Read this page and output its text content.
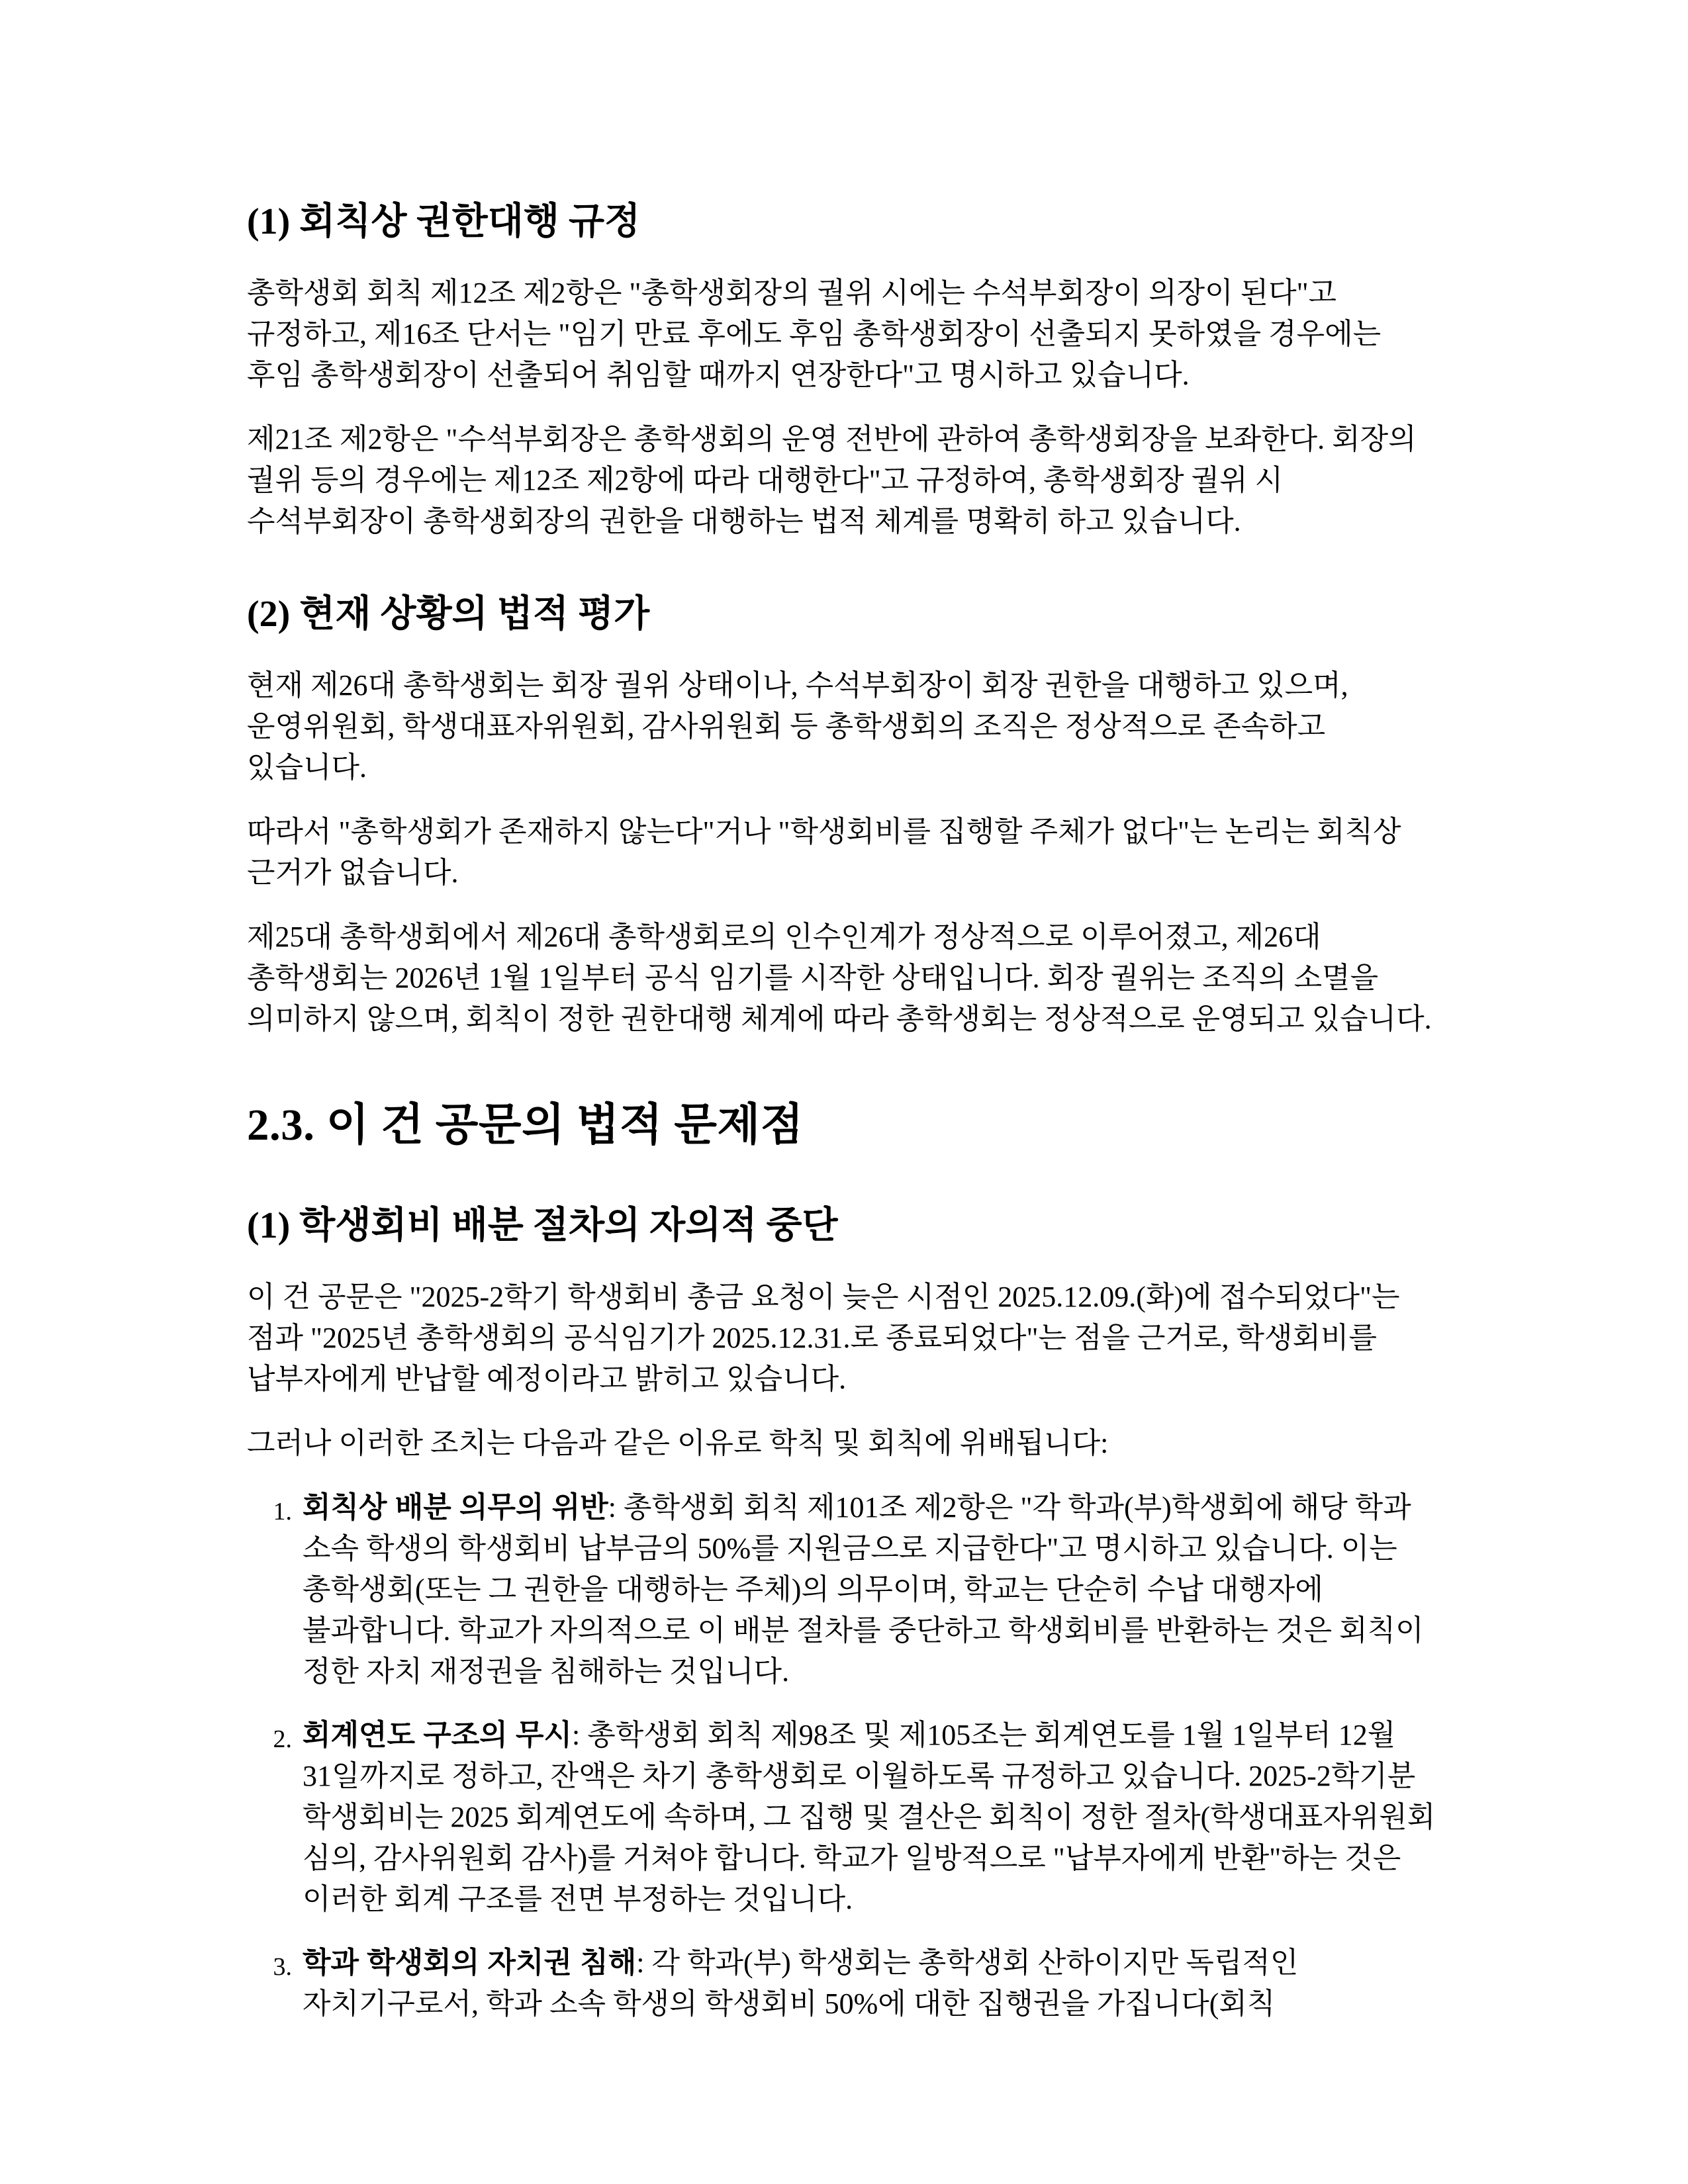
(1) 회칙상 권한대행 규정

총학생회 회칙 제12조 제2항은 "총학생회장의 궐위 시에는 수석부회장이 의장이 된다"고 규정하고, 제16조 단서는 "임기 만료 후에도 후임 총학생회장이 선출되지 못하였을 경우에는 후임 총학생회장이 선출되어 취임할 때까지 연장한다"고 명시하고 있습니다.

제21조 제2항은 "수석부회장은 총학생회의 운영 전반에 관하여 총학생회장을 보좌한다. 회장의 궐위 등의 경우에는 제12조 제2항에 따라 대행한다"고 규정하여, 총학생회장 궐위 시 수석부회장이 총학생회장의 권한을 대행하는 법적 체계를 명확히 하고 있습니다.

(2) 현재 상황의 법적 평가

현재 제26대 총학생회는 회장 궐위 상태이나, 수석부회장이 회장 권한을 대행하고 있으며, 운영위원회, 학생대표자위원회, 감사위원회 등 총학생회의 조직은 정상적으로 존속하고 있습니다.

따라서 "총학생회가 존재하지 않는다"거나 "학생회비를 집행할 주체가 없다"는 논리는 회칙상 근거가 없습니다.

제25대 총학생회에서 제26대 총학생회로의 인수인계가 정상적으로 이루어졌고, 제26대 총학생회는 2026년 1월 1일부터 공식 임기를 시작한 상태입니다. 회장 궐위는 조직의 소멸을 의미하지 않으며, 회칙이 정한 권한대행 체계에 따라 총학생회는 정상적으로 운영되고 있습니다.

2.3. 이 건 공문의 법적 문제점
(1) 학생회비 배분 절차의 자의적 중단

이 건 공문은 "2025-2학기 학생회비 총금 요청이 늦은 시점인 2025.12.09.(화)에 접수되었다"는 점과 "2025년 총학생회의 공식임기가 2025.12.31.로 종료되었다"는 점을 근거로, 학생회비를 납부자에게 반납할 예정이라고 밝히고 있습니다.

그러나 이러한 조치는 다음과 같은 이유로 학칙 및 회칙에 위배됩니다:

1. 회칙상 배분 의무의 위반: 총학생회 회칙 제101조 제2항은 "각 학과(부)학생회에 해당 학과 소속 학생의 학생회비 납부금의 50%를 지원금으로 지급한다"고 명시하고 있습니다. 이는 총학생회(또는 그 권한을 대행하는 주체)의 의무이며, 학교는 단순히 수납 대행자에 불과합니다. 학교가 자의적으로 이 배분 절차를 중단하고 학생회비를 반환하는 것은 회칙이 정한 자치 재정권을 침해하는 것입니다.
2. 회계연도 구조의 무시: 총학생회 회칙 제98조 및 제105조는 회계연도를 1월 1일부터 12월 31일까지로 정하고, 잔액은 차기 총학생회로 이월하도록 규정하고 있습니다. 2025-2학기분 학생회비는 2025 회계연도에 속하며, 그 집행 및 결산은 회칙이 정한 절차(학생대표자위원회 심의, 감사위원회 감사)를 거쳐야 합니다. 학교가 일방적으로 "납부자에게 반환"하는 것은 이러한 회계 구조를 전면 부정하는 것입니다.
3. 학과 학생회의 자치권 침해: 각 학과(부) 학생회는 총학생회 산하이지만 독립적인 자치기구로서, 학과 소속 학생의 학생회비 50%에 대한 집행권을 가집니다(회칙
